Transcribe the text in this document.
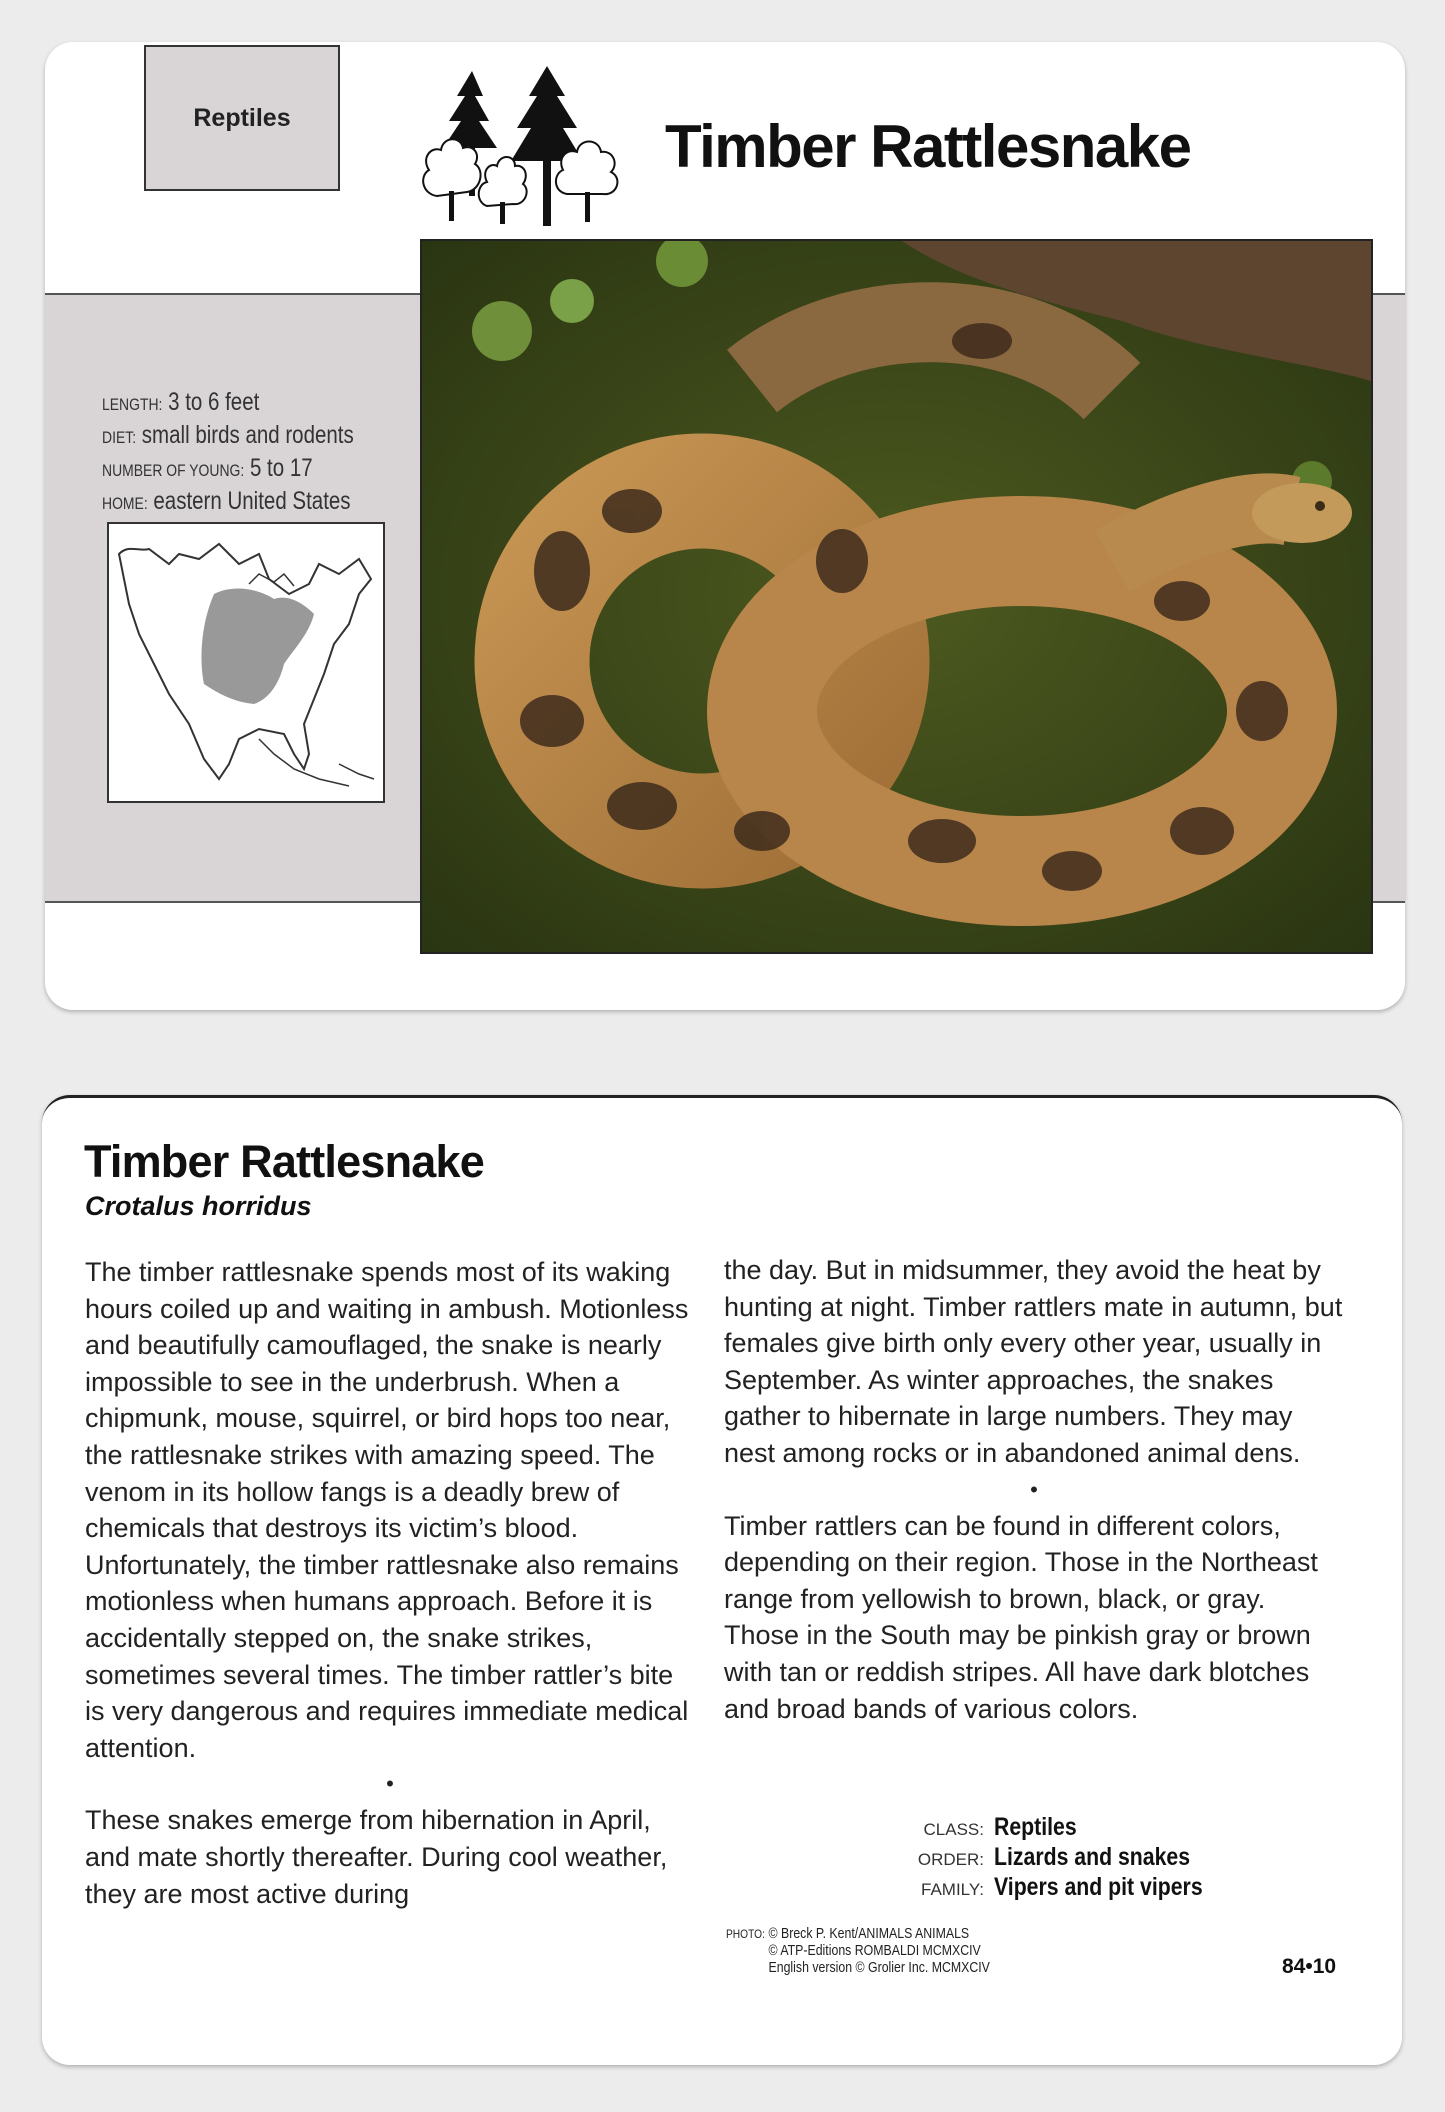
Reptiles	Timber Rattlesnake
LENGTH: 3 to 6 feet
DIET: small birds and rodents
NUMBER OF YOUNG: 5 to 17
HOME: eastern United States
Timber Rattlesnake
Crotalus horridus

The timber rattlesnake spends most of its waking hours coiled up and waiting in ambush. Motionless and beautifully camouflaged, the snake is nearly impossible to see in the underbrush. When a chipmunk, mouse, squirrel, or bird hops too near, the rattlesnake strikes with amazing speed. The venom in its hollow fangs is a deadly brew of chemicals that destroys its victim’s blood. Unfortunately, the timber rattlesnake also remains motionless when humans approach. Before it is accidentally stepped on, the snake strikes, sometimes several times. The timber rattler’s bite is very dangerous and requires immediate medical attention.

•

These snakes emerge from hibernation in April, and mate shortly thereafter. During cool weather, they are most active during

the day. But in midsummer, they avoid the heat by hunting at night. Timber rattlers mate in autumn, but females give birth only every other year, usually in September. As winter approaches, the snakes gather to hibernate in large numbers. They may nest among rocks or in abandoned animal dens.

•

Timber rattlers can be found in different colors, depending on their region. Those in the Northeast range from yellowish to brown, black, or gray. Those in the South may be pinkish gray or brown with tan or reddish stripes. All have dark blotches and broad bands of various colors.

CLASS: Reptiles
ORDER: Lizards and snakes
FAMILY: Vipers and pit vipers
PHOTO: © Breck P. Kent/ANIMALS ANIMALS
© ATP-Editions ROMBALDI MCMXCIV
English version © Grolier Inc. MCMXCIV	84•10
